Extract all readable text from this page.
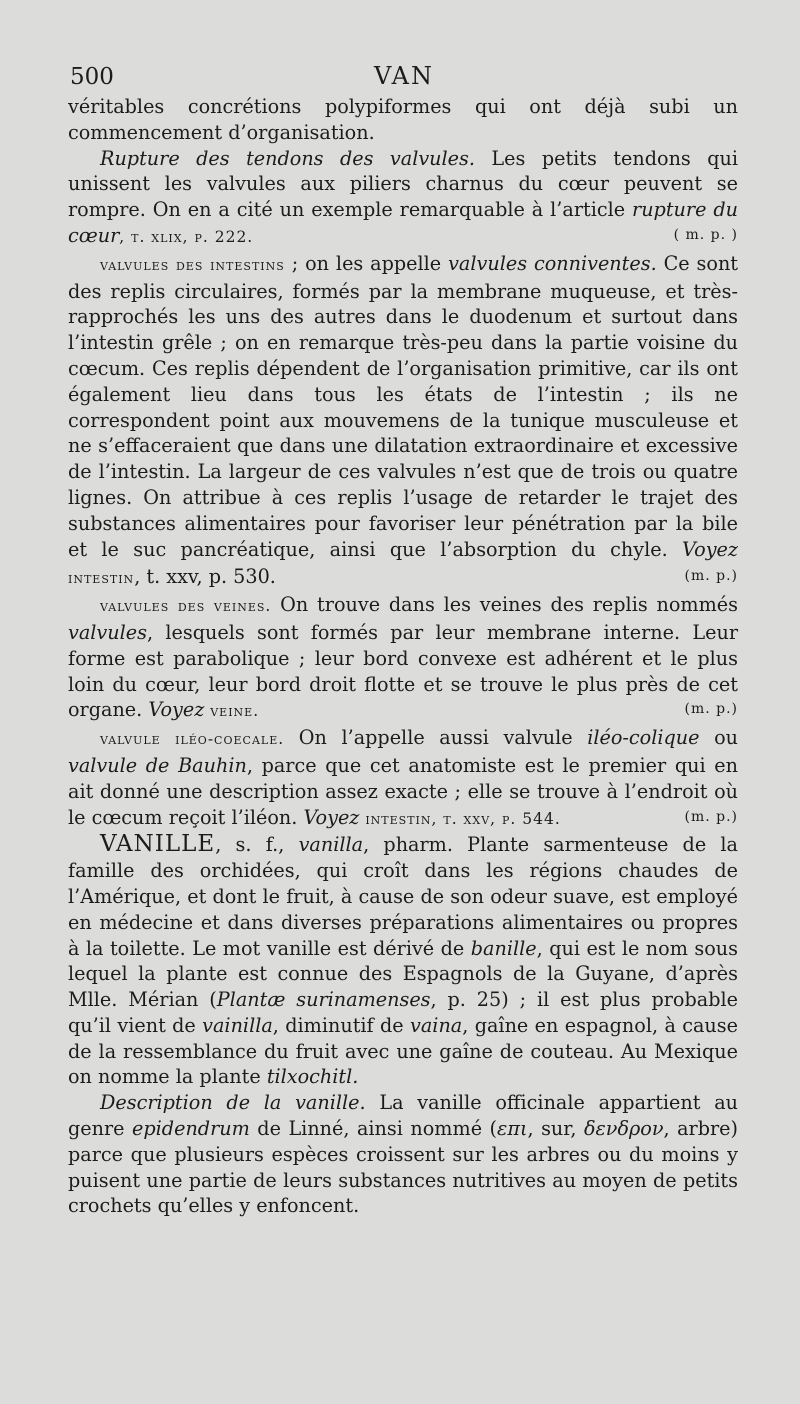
500	VAN

véritables concrétions polypiformes qui ont déjà subi un commencement d’organisation.

Rupture des tendons des valvules. Les petits tendons qui unissent les valvules aux piliers charnus du cœur peuvent se rompre. On en a cité un exemple remarquable à l’article rupture du cœur, t. xlix, p. 222.	( m. p. )

valvules des intestins ; on les appelle valvules conniventes. Ce sont des replis circulaires, formés par la membrane muqueuse, et très-rapprochés les uns des autres dans le duodenum et surtout dans l’intestin grêle ; on en remarque très-peu dans la partie voisine du cœcum. Ces replis dépendent de l’organisation primitive, car ils ont également lieu dans tous les états de l’intestin ; ils ne correspondent point aux mouvemens de la tunique musculeuse et ne s’effaceraient que dans une dilatation extraordinaire et excessive de l’intestin. La largeur de ces valvules n’est que de trois ou quatre lignes. On attribue à ces replis l’usage de retarder le trajet des substances alimentaires pour favoriser leur pénétration par la bile et le suc pancréatique, ainsi que l’absorption du chyle. Voyez intestin, t. xxv, p. 530.	(m. p.)

valvules des veines. On trouve dans les veines des replis nommés valvules, lesquels sont formés par leur membrane interne. Leur forme est parabolique ; leur bord convexe est adhérent et le plus loin du cœur, leur bord droit flotte et se trouve le plus près de cet organe. Voyez veine.	(m. p.)

valvule iléo-coecale. On l’appelle aussi valvule iléo-colique ou valvule de Bauhin, parce que cet anatomiste est le premier qui en ait donné une description assez exacte ; elle se trouve à l’endroit où le cœcum reçoit l’iléon. Voyez intestin, t. xxv, p. 544.	(m. p.)

VANILLE, s. f., vanilla, pharm. Plante sarmenteuse de la famille des orchidées, qui croît dans les régions chaudes de l’Amérique, et dont le fruit, à cause de son odeur suave, est employé en médecine et dans diverses préparations alimentaires ou propres à la toilette. Le mot vanille est dérivé de banille, qui est le nom sous lequel la plante est connue des Espagnols de la Guyane, d’après Mlle. Mérian (Plantæ surinamenses, p. 25) ; il est plus probable qu’il vient de vainilla, diminutif de vaina, gaîne en espagnol, à cause de la ressemblance du fruit avec une gaîne de couteau. Au Mexique on nomme la plante tilxochitl.

Description de la vanille. La vanille officinale appartient au genre epidendrum de Linné, ainsi nommé (επι, sur, δενδρον, arbre) parce que plusieurs espèces croissent sur les arbres ou du moins y puisent une partie de leurs substances nutritives au moyen de petits crochets qu’elles y enfoncent.
